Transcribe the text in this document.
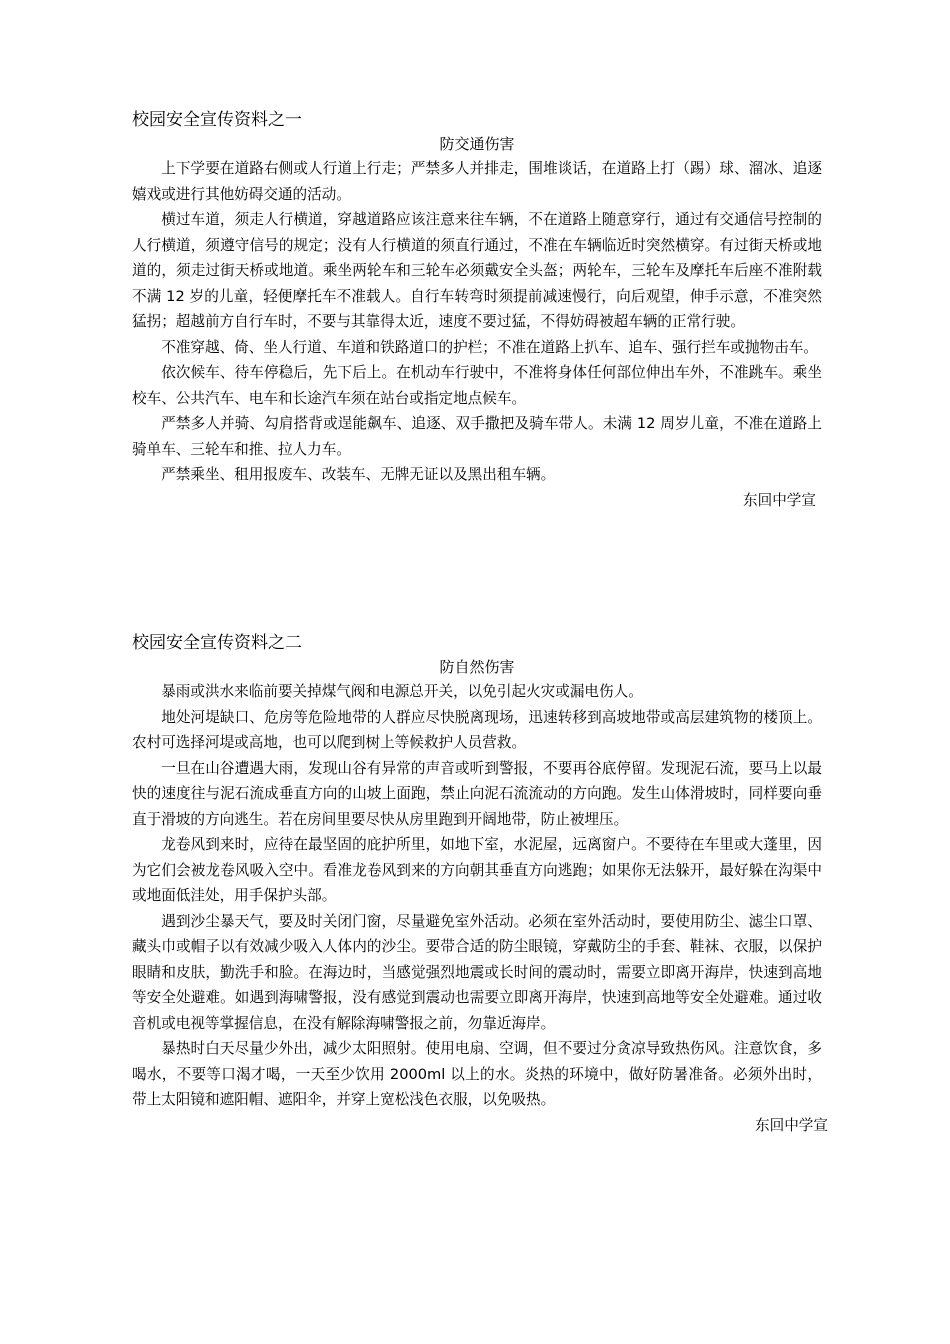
校园安全宣传资料之一

防交通伤害

上下学要在道路右侧或人行道上行走；严禁多人并排走，围堆谈话，在道路上打（踢）球、溜冰、追逐嬉戏或进行其他妨碍交通的活动。

横过车道，须走人行横道，穿越道路应该注意来往车辆，不在道路上随意穿行，通过有交通信号控制的人行横道，须遵守信号的规定；没有人行横道的须直行通过，不准在车辆临近时突然横穿。有过街天桥或地道的，须走过街天桥或地道。乘坐两轮车和三轮车必须戴安全头盔；两轮车，三轮车及摩托车后座不准附载不满 12 岁的儿童，轻便摩托车不准载人。自行车转弯时须提前减速慢行，向后观望，伸手示意，不准突然猛拐；超越前方自行车时，不要与其靠得太近，速度不要过猛，不得妨碍被超车辆的正常行驶。

不准穿越、倚、坐人行道、车道和铁路道口的护栏；不准在道路上扒车、追车、强行拦车或抛物击车。

依次候车、待车停稳后，先下后上。在机动车行驶中，不准将身体任何部位伸出车外，不准跳车。乘坐校车、公共汽车、电车和长途汽车须在站台或指定地点候车。

严禁多人并骑、勾肩搭背或逞能飙车、追逐、双手撒把及骑车带人。未满 12 周岁儿童，不准在道路上骑单车、三轮车和推、拉人力车。

严禁乘坐、租用报废车、改装车、无牌无证以及黑出租车辆。

东回中学宣

校园安全宣传资料之二

防自然伤害

暴雨或洪水来临前要关掉煤气阀和电源总开关，以免引起火灾或漏电伤人。

地处河堤缺口、危房等危险地带的人群应尽快脱离现场，迅速转移到高坡地带或高层建筑物的楼顶上。农村可选择河堤或高地，也可以爬到树上等候救护人员营救。

一旦在山谷遭遇大雨，发现山谷有异常的声音或听到警报，不要再谷底停留。发现泥石流，要马上以最快的速度往与泥石流成垂直方向的山坡上面跑，禁止向泥石流流动的方向跑。发生山体滑坡时，同样要向垂直于滑坡的方向逃生。若在房间里要尽快从房里跑到开阔地带，防止被埋压。

龙卷风到来时，应待在最坚固的庇护所里，如地下室，水泥屋，远离窗户。不要待在车里或大蓬里，因为它们会被龙卷风吸入空中。看准龙卷风到来的方向朝其垂直方向逃跑；如果你无法躲开，最好躲在沟渠中或地面低洼处，用手保护头部。

遇到沙尘暴天气，要及时关闭门窗，尽量避免室外活动。必须在室外活动时，要使用防尘、滤尘口罩、藏头巾或帽子以有效减少吸入人体内的沙尘。要带合适的防尘眼镜，穿戴防尘的手套、鞋袜、衣服，以保护眼睛和皮肤，勤洗手和脸。在海边时，当感觉强烈地震或长时间的震动时，需要立即离开海岸，快速到高地等安全处避难。如遇到海啸警报，没有感觉到震动也需要立即离开海岸，快速到高地等安全处避难。通过收音机或电视等掌握信息，在没有解除海啸警报之前，勿靠近海岸。

暴热时白天尽量少外出，减少太阳照射。使用电扇、空调，但不要过分贪凉导致热伤风。注意饮食，多喝水，不要等口渴才喝，一天至少饮用 2000ml 以上的水。炎热的环境中，做好防暑准备。必须外出时，带上太阳镜和遮阳帽、遮阳伞，并穿上宽松浅色衣服，以免吸热。

东回中学宣
